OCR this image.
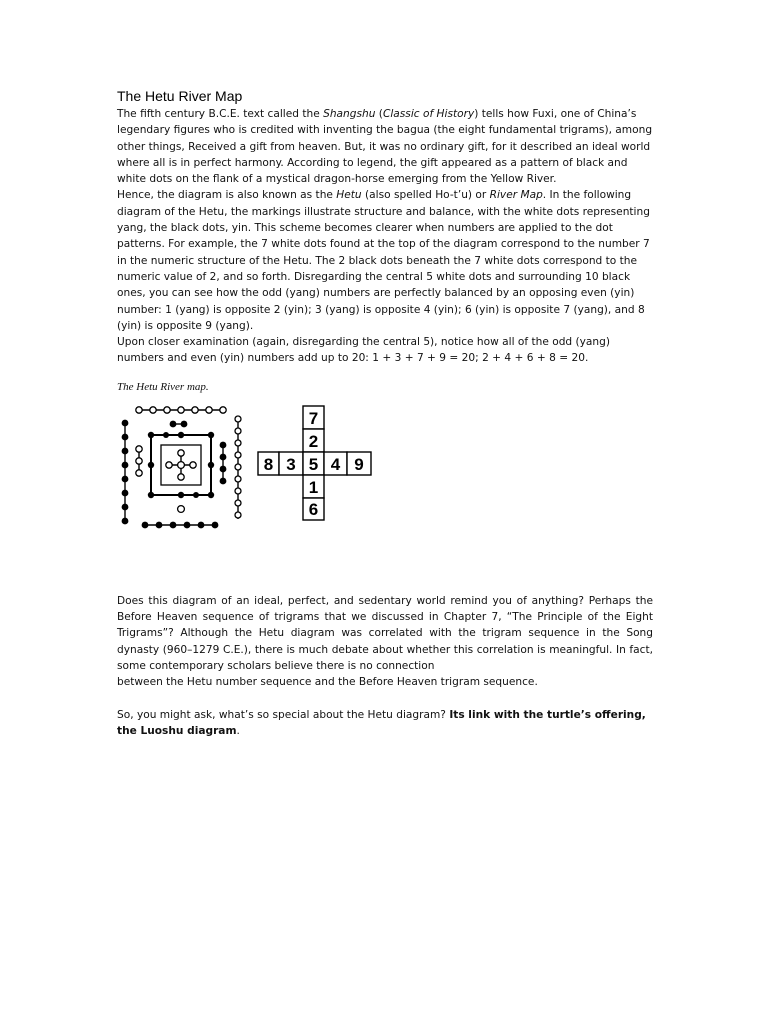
The Hetu River Map

The fifth century B.C.E. text called the Shangshu (Classic of History) tells how Fuxi, one of China’s legendary figures who is credited with inventing the bagua (the eight fundamental trigrams), among other things, Received a gift from heaven. But, it was no ordinary gift, for it described an ideal world where all is in perfect harmony. According to legend, the gift appeared as a pattern of black and white dots on the flank of a mystical dragon-horse emerging from the Yellow River.

Hence, the diagram is also known as the Hetu (also spelled Ho-t’u) or River Map. In the following diagram of the Hetu, the markings illustrate structure and balance, with the white dots representing yang, the black dots, yin. This scheme becomes clearer when numbers are applied to the dot patterns. For example, the 7 white dots found at the top of the diagram correspond to the number 7 in the numeric structure of the Hetu. The 2 black dots beneath the 7 white dots correspond to the numeric value of 2, and so forth. Disregarding the central 5 white dots and surrounding 10 black ones, you can see how the odd (yang) numbers are perfectly balanced by an opposing even (yin) number: 1 (yang) is opposite 2 (yin); 3 (yang) is opposite 4 (yin); 6 (yin) is opposite 7 (yang), and 8 (yin) is opposite 9 (yang).

Upon closer examination (again, disregarding the central 5), notice how all of the odd (yang) numbers and even (yin) numbers add up to 20: 1 + 3 + 7 + 9 = 20; 2 + 4 + 6 + 8 = 20.

The Hetu River map.
7
2
8 3 5 4 9
1
6

Does this diagram of an ideal, perfect, and sedentary world remind you of anything? Perhaps the Before Heaven sequence of trigrams that we discussed in Chapter 7, “The Principle of the Eight Trigrams”? Although the Hetu diagram was correlated with the trigram sequence in the Song dynasty (960–1279 C.E.), there is much debate about whether this correlation is meaningful. In fact, some contemporary scholars believe there is no connection

between the Hetu number sequence and the Before Heaven trigram sequence.

So, you might ask, what’s so special about the Hetu diagram? Its link with the turtle’s offering, the Luoshu diagram.
